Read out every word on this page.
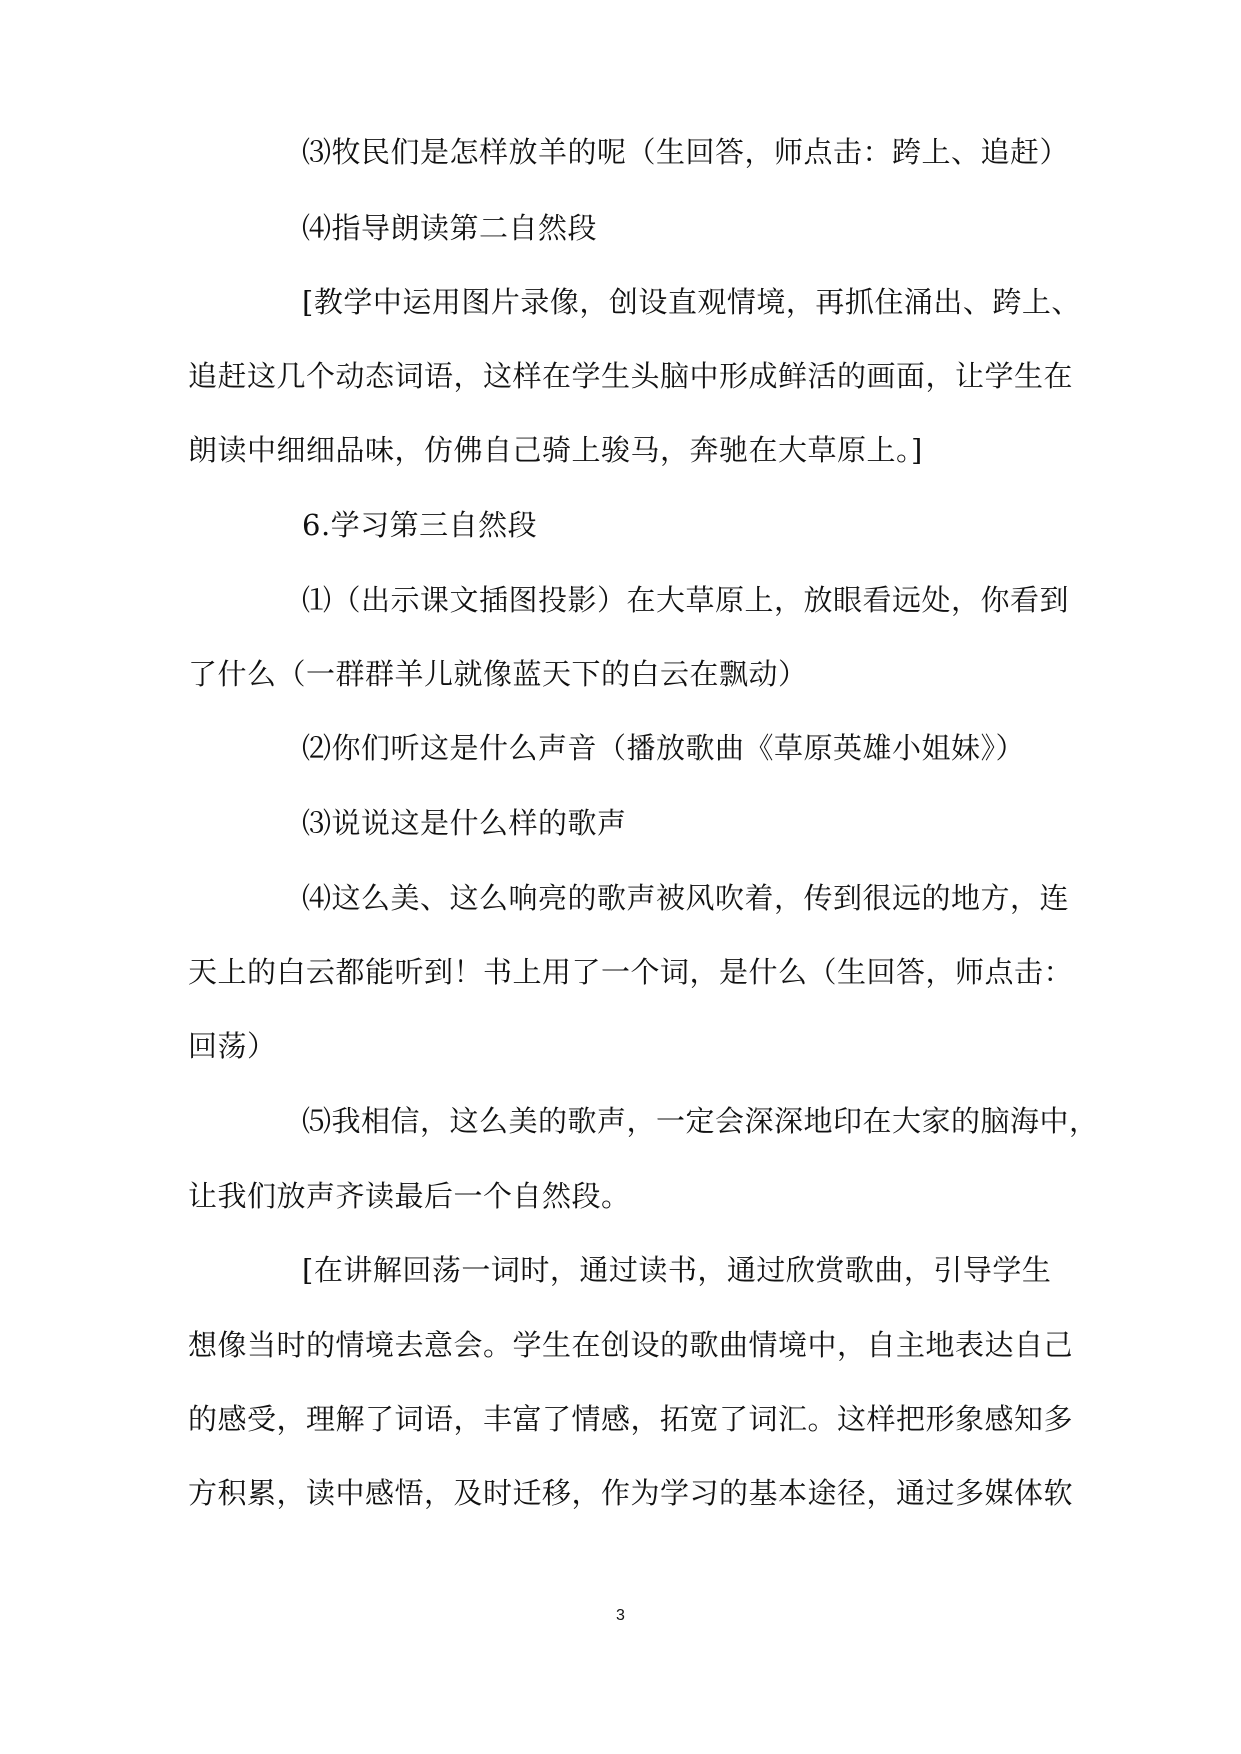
⑶牧民们是怎样放羊的呢（生回答，师点击：跨上、追赶）
⑷指导朗读第二自然段
[教学中运用图片录像，创设直观情境，再抓住涌出、跨上、
追赶这几个动态词语，这样在学生头脑中形成鲜活的画面，让学生在
朗读中细细品味，仿佛自己骑上骏马，奔驰在大草原上。]
6.学习第三自然段
⑴（出示课文插图投影）在大草原上，放眼看远处，你看到
了什么（一群群羊儿就像蓝天下的白云在飘动）
⑵你们听这是什么声音（播放歌曲《草原英雄小姐妹》）
⑶说说这是什么样的歌声
⑷这么美、这么响亮的歌声被风吹着，传到很远的地方，连
天上的白云都能听到！书上用了一个词，是什么（生回答，师点击：
回荡）
⑸我相信，这么美的歌声，一定会深深地印在大家的脑海中，
让我们放声齐读最后一个自然段。
[在讲解回荡一词时，通过读书，通过欣赏歌曲，引导学生
想像当时的情境去意会。学生在创设的歌曲情境中，自主地表达自己
的感受，理解了词语，丰富了情感，拓宽了词汇。这样把形象感知多
方积累，读中感悟，及时迁移，作为学习的基本途径，通过多媒体软
3
